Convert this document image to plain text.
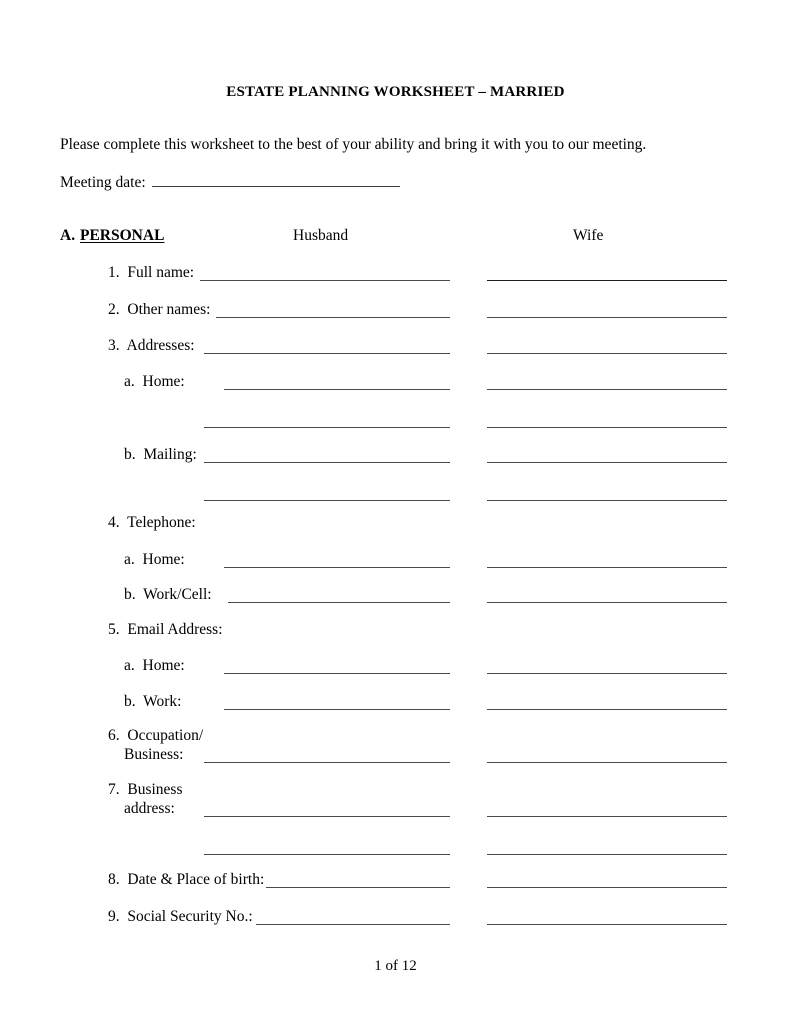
ESTATE PLANNING WORKSHEET – MARRIED
Please complete this worksheet to the best of your ability and bring it with you to our meeting.
Meeting date:
A. PERSONAL	Husband	Wife
1.  Full name:
2.  Other names:
3.  Addresses:
a.  Home:
b.  Mailing:
4.  Telephone:
a.  Home:
b.  Work/Cell:
5.  Email Address:
a.  Home:
b.  Work:
6.  Occupation/
Business:
7.  Business
address:
8.  Date & Place of birth:
9.  Social Security No.:
1 of 12
